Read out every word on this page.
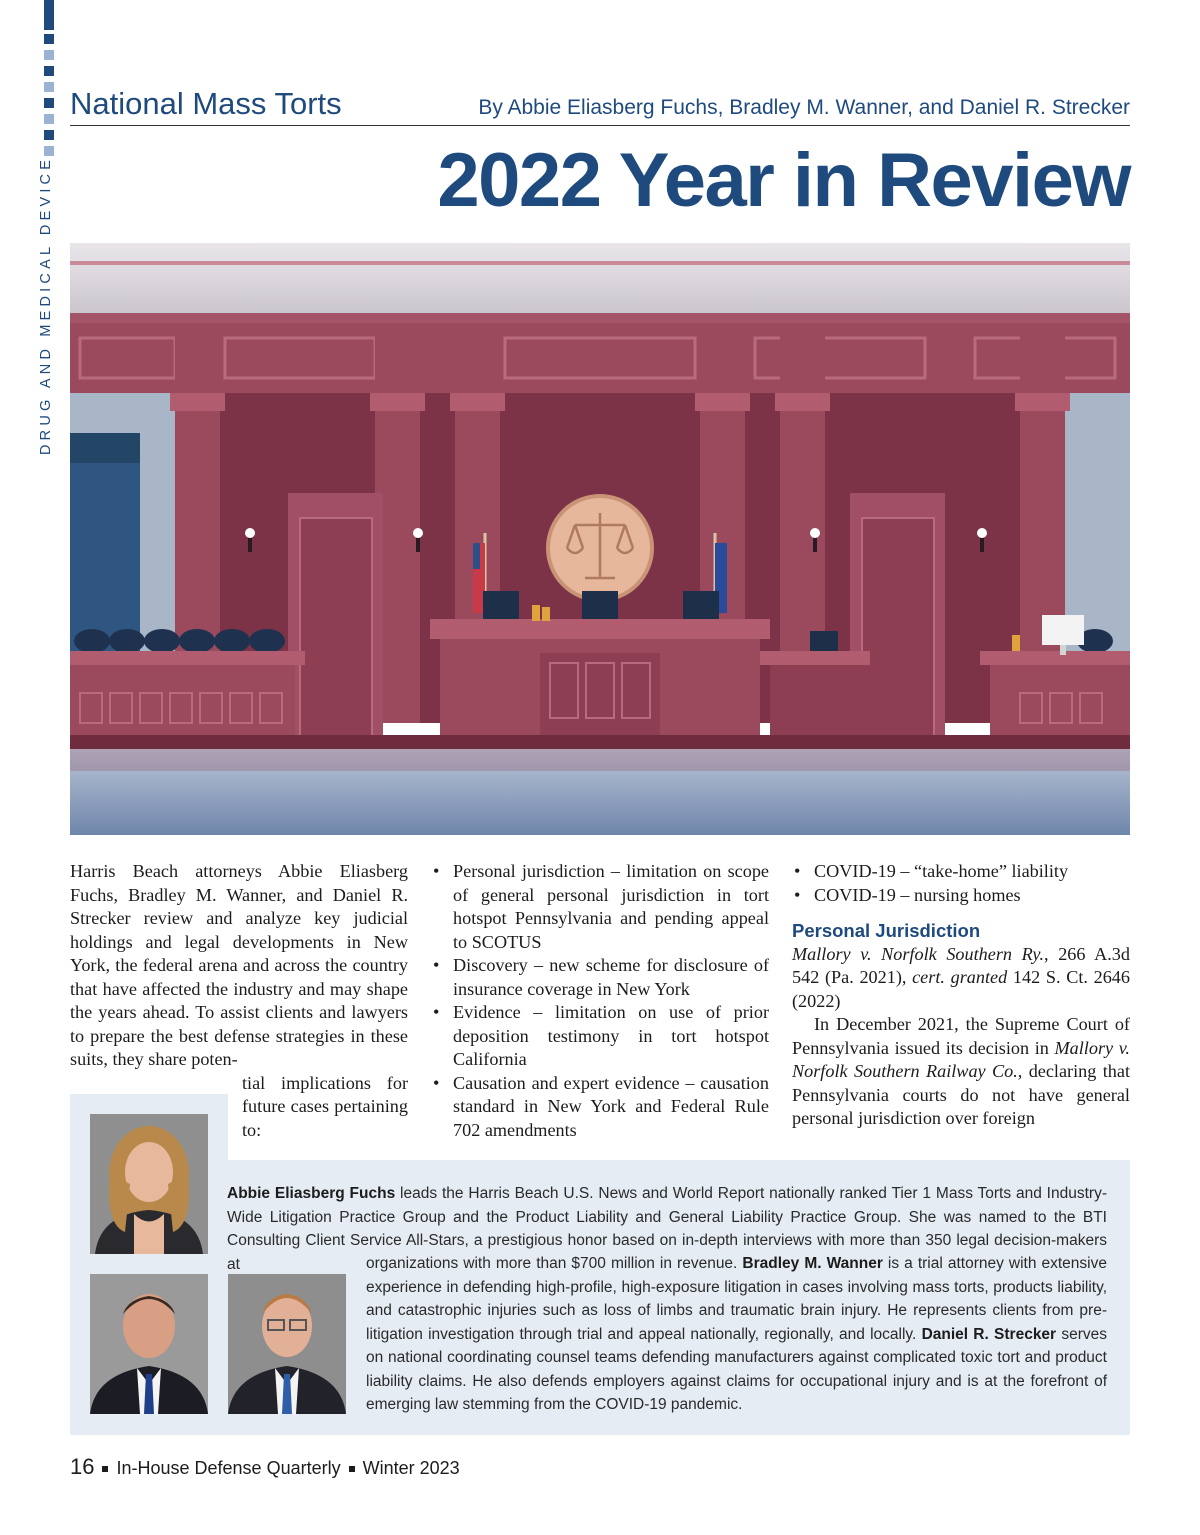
DRUG AND MEDICAL DEVICE
National Mass Torts	By Abbie Eliasberg Fuchs, Bradley M. Wanner, and Daniel R. Strecker
2022 Year in Review

Harris Beach attorneys Abbie Eliasberg Fuchs, Bradley M. Wanner, and Daniel R. Strecker review and analyze key judicial holdings and legal developments in New York, the federal arena and across the country that have affected the industry and may shape the years ahead. To assist clients and lawyers to prepare the best defense strategies in these suits, they share poten-

tial implications for future cases pertaining to:

• Personal jurisdiction – limitation on scope of general personal jurisdiction in tort hotspot Pennsylvania and pending appeal to SCOTUS
• Discovery – new scheme for disclosure of insurance coverage in New York
• Evidence – limitation on use of prior deposition testimony in tort hotspot California
• Causation and expert evidence – causation standard in New York and Federal Rule 702 amendments
• COVID-19 – “take-home” liability
• COVID-19 – nursing homes
Personal Jurisdiction

Mallory v. Norfolk Southern Ry., 266 A.3d 542 (Pa. 2021), cert. granted 142 S. Ct. 2646 (2022)

In December 2021, the Supreme Court of Pennsylvania issued its decision in Mallory v. Norfolk Southern Railway Co., declaring that Pennsylvania courts do not have general personal jurisdiction over foreign

Abbie Eliasberg Fuchs leads the Harris Beach U.S. News and World Report nationally ranked Tier 1 Mass Torts and Industry-Wide Litigation Practice Group and the Product Liability and General Liability Practice Group. She was named to the BTI Consulting Client Service All-Stars, a prestigious honor based on in-depth interviews with more than 350 legal decision-makers at	organizations with more than $700 million in revenue. Bradley M. Wanner is a trial attorney with extensive experience in defending high-profile, high-exposure litigation in cases involving mass torts, products liability, and catastrophic injuries such as loss of limbs and traumatic brain injury. He represents clients from pre-litigation investigation through trial and appeal nationally, regionally, and locally. Daniel R. Strecker serves on national coordinating counsel teams defending manufacturers against complicated toxic tort and product liability claims. He also defends employers against claims for occupational injury and is at the forefront of emerging law stemming from the COVID-19 pandemic.
16 In-House Defense Quarterly Winter 2023
